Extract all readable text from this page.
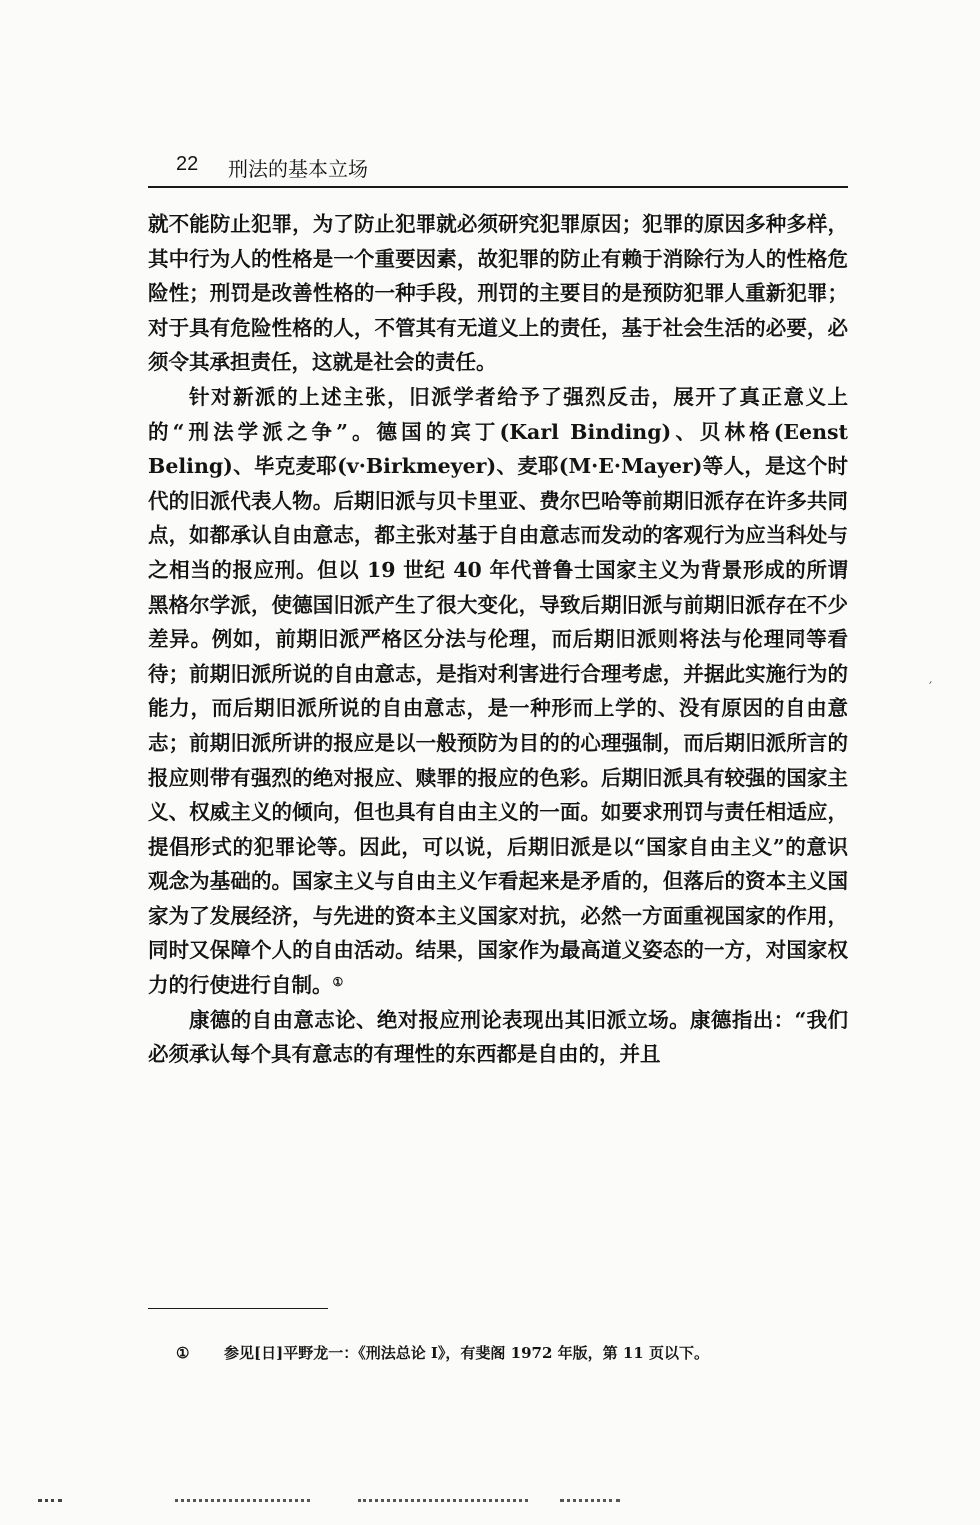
22 刑法的基本立场

就不能防止犯罪，为了防止犯罪就必须研究犯罪原因；犯罪的原因多种多样，其中行为人的性格是一个重要因素，故犯罪的防止有赖于消除行为人的性格危险性；刑罚是改善性格的一种手段，刑罚的主要目的是预防犯罪人重新犯罪；对于具有危险性格的人，不管其有无道义上的责任，基于社会生活的必要，必须令其承担责任，这就是社会的责任。

针对新派的上述主张，旧派学者给予了强烈反击，展开了真正意义上的“刑法学派之争”。德国的宾丁(Karl Binding)、贝林格(Eenst Beling)、毕克麦耶(v·Birkmeyer)、麦耶(M·E·Mayer)等人，是这个时代的旧派代表人物。后期旧派与贝卡里亚、费尔巴哈等前期旧派存在许多共同点，如都承认自由意志，都主张对基于自由意志而发动的客观行为应当科处与之相当的报应刑。但以 19 世纪 40 年代普鲁士国家主义为背景形成的所谓黑格尔学派，使德国旧派产生了很大变化，导致后期旧派与前期旧派存在不少差异。例如，前期旧派严格区分法与伦理，而后期旧派则将法与伦理同等看待；前期旧派所说的自由意志，是指对利害进行合理考虑，并据此实施行为的能力，而后期旧派所说的自由意志，是一种形而上学的、没有原因的自由意志；前期旧派所讲的报应是以一般预防为目的的心理强制，而后期旧派所言的报应则带有强烈的绝对报应、赎罪的报应的色彩。后期旧派具有较强的国家主义、权威主义的倾向，但也具有自由主义的一面。如要求刑罚与责任相适应，提倡形式的犯罪论等。因此，可以说，后期旧派是以“国家自由主义”的意识观念为基础的。国家主义与自由主义乍看起来是矛盾的，但落后的资本主义国家为了发展经济，与先进的资本主义国家对抗，必然一方面重视国家的作用，同时又保障个人的自由活动。结果，国家作为最高道义姿态的一方，对国家权力的行使进行自制。①

康德的自由意志论、绝对报应刑论表现出其旧派立场。康德指出：“我们必须承认每个具有意志的有理性的东西都是自由的，并且

① 参见[日]平野龙一：《刑法总论 I》，有斐阁 1972 年版，第 11 页以下。
′
